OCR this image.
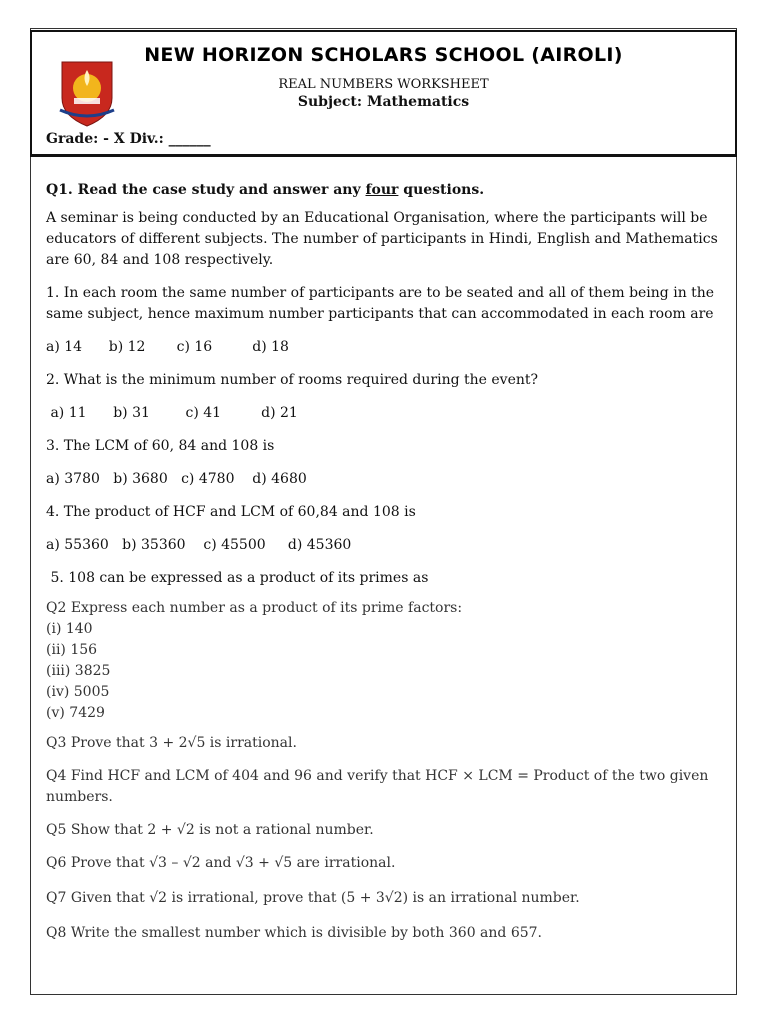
NEW HORIZON SCHOLARS SCHOOL (AIROLI)
REAL NUMBERS WORKSHEET
Subject: Mathematics
Grade: - X Div.: ______

Q1. Read the case study and answer any four questions.

A seminar is being conducted by an Educational Organisation, where the participants will be educators of different subjects. The number of participants in Hindi, English and Mathematics are 60, 84 and 108 respectively.

1. In each room the same number of participants are to be seated and all of them being in the same subject, hence maximum number participants that can accommodated in each room are

a) 14      b) 12       c) 16         d) 18

2. What is the minimum number of rooms required during the event?

a) 11      b) 31        c) 41         d) 21

3. The LCM of 60, 84 and 108 is

a) 3780   b) 3680   c) 4780    d) 4680

4. The product of HCF and LCM of 60,84 and 108 is

a) 55360   b) 35360    c) 45500     d) 45360

5. 108 can be expressed as a product of its primes as

Q2 Express each number as a product of its prime factors:

(i) 140

(ii) 156

(iii) 3825

(iv) 5005

(v) 7429

Q3 Prove that 3 + 2√5 is irrational.

Q4 Find HCF and LCM of 404 and 96 and verify that HCF × LCM = Product of the two given numbers.

Q5 Show that 2 + √2 is not a rational number.

Q6 Prove that √3 – √2 and √3 + √5 are irrational.

Q7 Given that √2 is irrational, prove that (5 + 3√2) is an irrational number.

Q8 Write the smallest number which is divisible by both 360 and 657.
